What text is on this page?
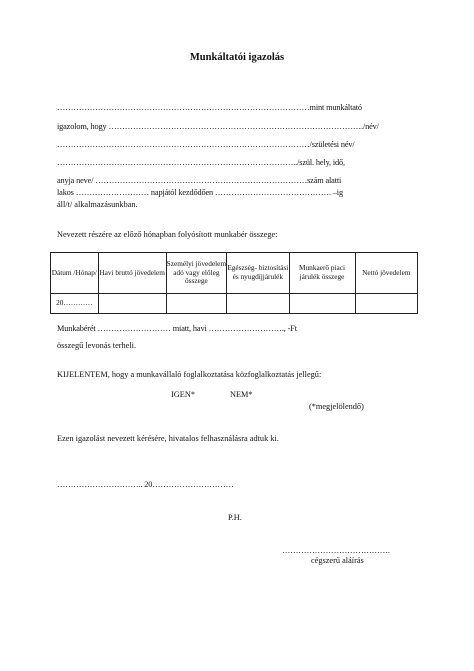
Munkáltatói igazolás
…………………………………………………………………………………mint munkáltató
igazolom, hogy …………………………………………………………………………………./név/
…………………………………………………………………………………/születési név/
……………………………………………………………………………../szül. hely, idő,
anyja neve/ ……………………………………………………………………szám alatti
lakos ……………………… napjától kezdődően ……………………………………. –ig
áll/t/ alkalmazásunkban.
Nevezett részére az előző hónapban folyósított munkabér összege:
Dátum /Hónap/	Havi bruttó jövedelem	Személyi jövedelem adó vagy előleg összege	Egészség- biztosítási és nyugdíjjárulék	Munkaerő piaci járulék összege	Nettó jövedelem
20…………					
Munkabérét ……………………… miatt, havi ………………………., -Ft
összegű levonás terheli.
KIJELENTEM, hogy a munkavállaló foglalkoztatása közfoglalkoztatás jellegű:
IGEN*	NEM*
(*megjelölendő)
Ezen igazolást nevezett kérésére, hivatalos felhasználásra adtuk ki.
………………………….. 20…………………………
P.H.
………………………………….
cégszerű aláírás
